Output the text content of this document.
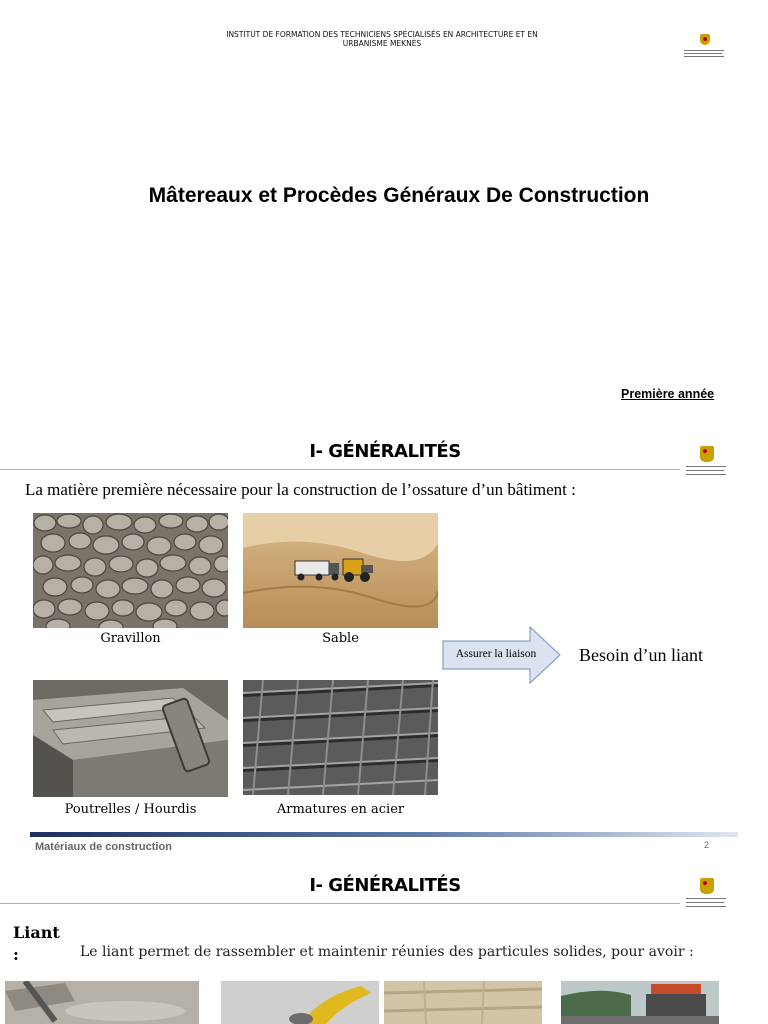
INSTITUT DE FORMATION DES TECHNICIENS SPÉCIALISÉS EN ARCHITECTURE ET EN URBANISME MEKNÈS
Mâtereaux et Procèdes Généraux De Construction
Première année
I- GÉNÉRALITÉS
La matière première nécessaire pour la construction de l’ossature d’un bâtiment :
Gravillon	Sable
Assurer la liaison	Besoin d’un liant
Poutrelles / Hourdis	Armatures en acier
Matériaux de construction	2
I- GÉNÉRALITÉS
Liant
:	Le liant permet de rassembler et maintenir réunies des particules solides, pour avoir :
